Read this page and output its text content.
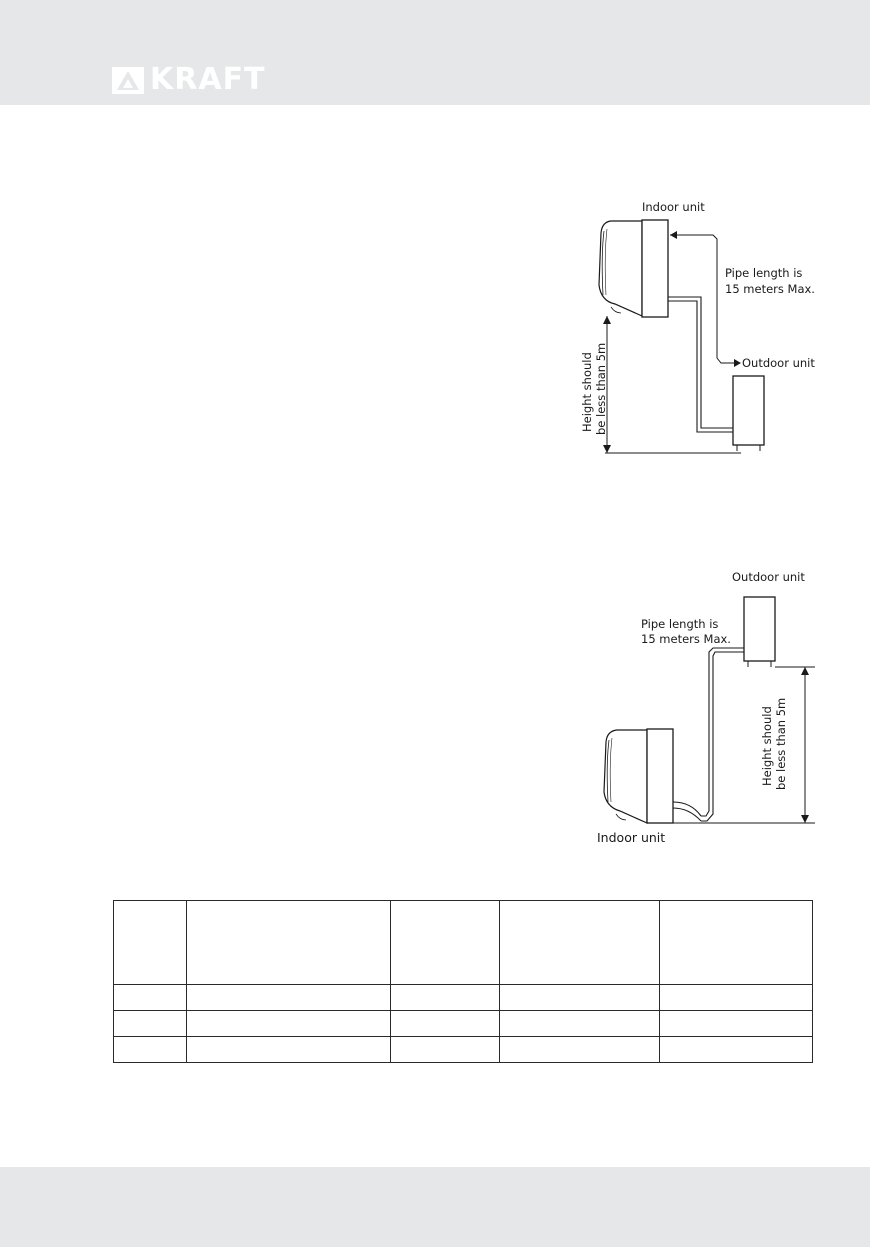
KRAFT
Indoor unit
Pipe length is
15 meters Max.
Outdoor unit
Height should be less than 5m
Outdoor unit
Pipe length is
15 meters Max.
Height should be less than 5m
Indoor unit
